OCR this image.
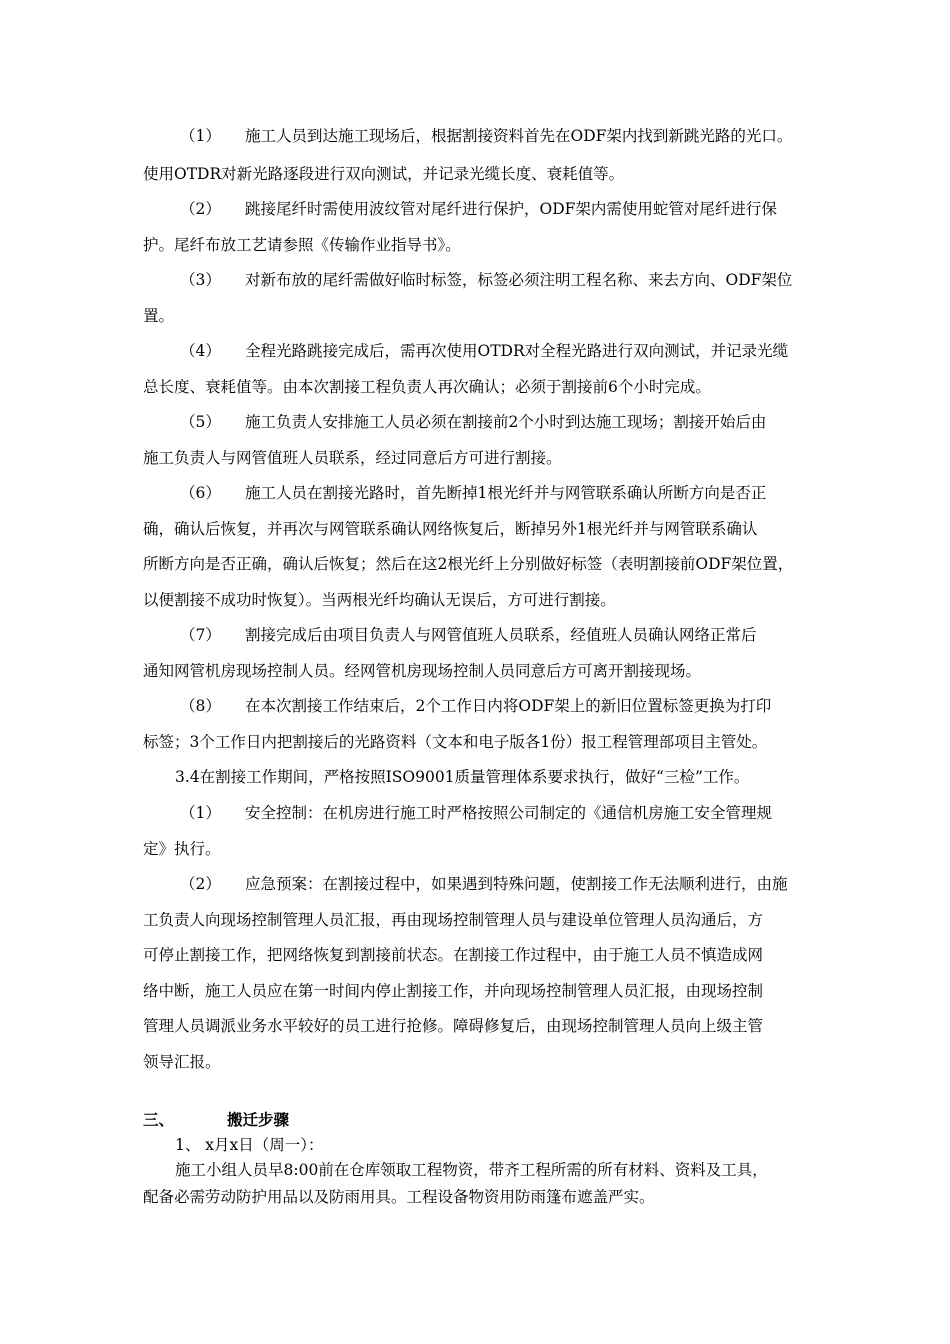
（1） 施工人员到达施工现场后，根据割接资料首先在ODF架内找到新跳光路的光口。
使用OTDR对新光路逐段进行双向测试，并记录光缆长度、衰耗值等。
（2） 跳接尾纤时需使用波纹管对尾纤进行保护，ODF架内需使用蛇管对尾纤进行保
护。尾纤布放工艺请参照《传输作业指导书》。
（3） 对新布放的尾纤需做好临时标签，标签必须注明工程名称、来去方向、ODF架位
置。
（4） 全程光路跳接完成后，需再次使用OTDR对全程光路进行双向测试，并记录光缆
总长度、衰耗值等。由本次割接工程负责人再次确认；必须于割接前6个小时完成。
（5） 施工负责人安排施工人员必须在割接前2个小时到达施工现场；割接开始后由
施工负责人与网管值班人员联系，经过同意后方可进行割接。
（6） 施工人员在割接光路时，首先断掉1根光纤并与网管联系确认所断方向是否正
确，确认后恢复，并再次与网管联系确认网络恢复后，断掉另外1根光纤并与网管联系确认
所断方向是否正确，确认后恢复；然后在这2根光纤上分别做好标签（表明割接前ODF架位置，
以便割接不成功时恢复）。当两根光纤均确认无误后，方可进行割接。
（7） 割接完成后由项目负责人与网管值班人员联系，经值班人员确认网络正常后
通知网管机房现场控制人员。经网管机房现场控制人员同意后方可离开割接现场。
（8） 在本次割接工作结束后，2个工作日内将ODF架上的新旧位置标签更换为打印
标签；3个工作日内把割接后的光路资料（文本和电子版各1份）报工程管理部项目主管处。
3.4在割接工作期间，严格按照ISO9001质量管理体系要求执行，做好“三检”工作。
（1） 安全控制：在机房进行施工时严格按照公司制定的《通信机房施工安全管理规
定》执行。
（2） 应急预案：在割接过程中，如果遇到特殊问题，使割接工作无法顺利进行，由施
工负责人向现场控制管理人员汇报，再由现场控制管理人员与建设单位管理人员沟通后，方
可停止割接工作，把网络恢复到割接前状态。在割接工作过程中，由于施工人员不慎造成网
络中断，施工人员应在第一时间内停止割接工作，并向现场控制管理人员汇报，由现场控制
管理人员调派业务水平较好的员工进行抢修。障碍修复后，由现场控制管理人员向上级主管
领导汇报。
三、	搬迁步骤
1、 x月x日（周一）：
施工小组人员早8:00前在仓库领取工程物资，带齐工程所需的所有材料、资料及工具，
配备必需劳动防护用品以及防雨用具。工程设备物资用防雨篷布遮盖严实。
